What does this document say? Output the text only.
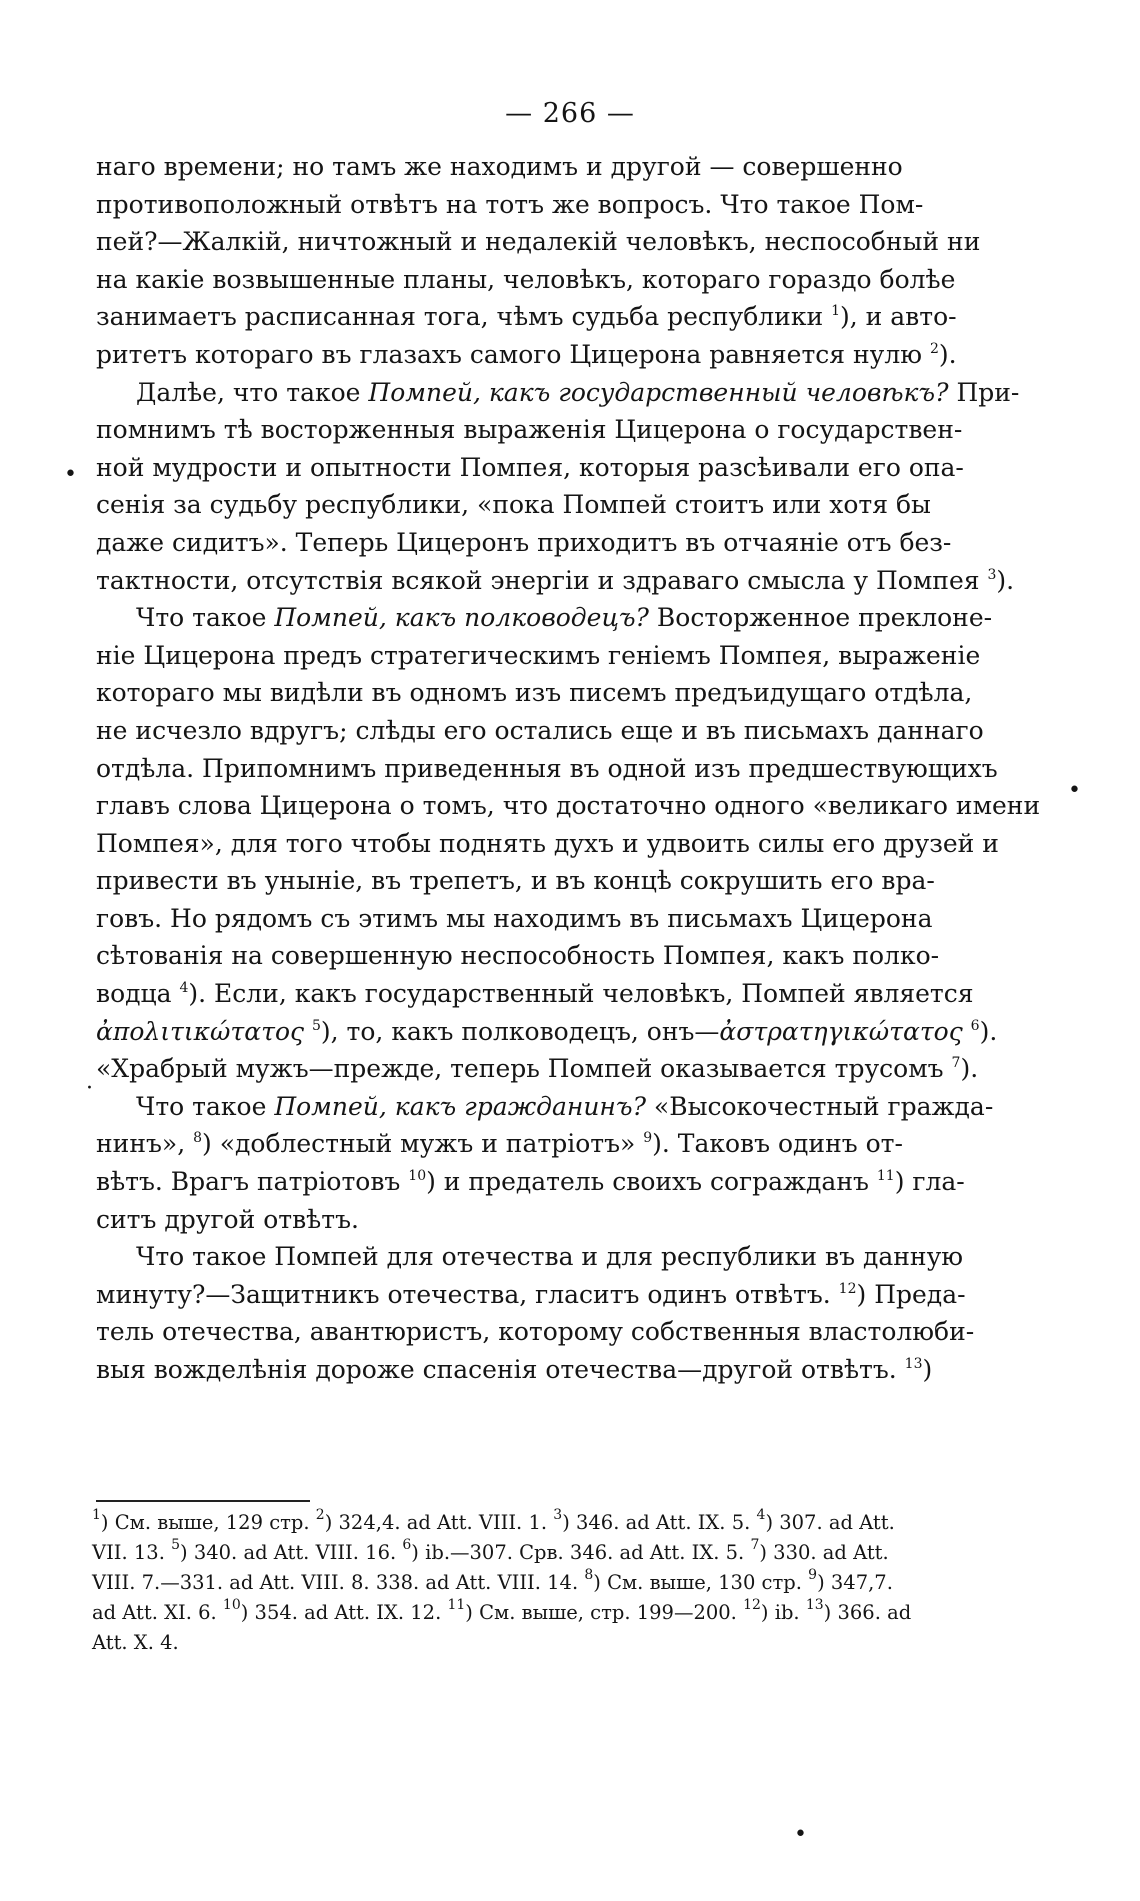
— 266 —
наго времени; но тамъ же находимъ и другой — совершенно
противоположный отвѣтъ на тотъ же вопросъ. Что такое Пом-
пей?—Жалкій, ничтожный и недалекій человѣкъ, неспособный ни
на какіе возвышенные планы, человѣкъ, котораго гораздо болѣе
занимаетъ расписанная тога, чѣмъ судьба республики $^1$), и авто-
ритетъ котораго въ глазахъ самого Цицерона равняется нулю $^2$).
Далѣе, что такое Помпей, какъ государственный человѣкъ? При-
помнимъ тѣ восторженныя выраженія Цицерона о государствен-
ной мудрости и опытности Помпея, которыя разсѣивали его опа-
сенія за судьбу республики, «пока Помпей стоитъ или хотя бы
даже сидитъ». Теперь Цицеронъ приходитъ въ отчаяніе отъ без-
тактности, отсутствія всякой энергіи и здраваго смысла у Помпея $^3$).
Что такое Помпей, какъ полководецъ? Восторженное преклоне-
ніе Цицерона предъ стратегическимъ геніемъ Помпея, выраженіе
котораго мы видѣли въ одномъ изъ писемъ предъидущаго отдѣла,
не исчезло вдругъ; слѣды его остались еще и въ письмахъ даннаго
отдѣла. Припомнимъ приведенныя въ одной изъ предшествующихъ
главъ слова Цицерона о томъ, что достаточно одного «великаго имени
Помпея», для того чтобы поднять духъ и удвоить силы его друзей и
привести въ уныніе, въ трепетъ, и въ концѣ сокрушить его вра-
говъ. Но рядомъ съ этимъ мы находимъ въ письмахъ Цицерона
сѣтованія на совершенную неспособность Помпея, какъ полко-
водца $^4$). Если, какъ государственный человѣкъ, Помпей является
ἀπολιτικώτατος $^5$), то, какъ полководецъ, онъ—ἀστρατηγικώτατος $^6$).
«Храбрый мужъ—прежде, теперь Помпей оказывается трусомъ $^7$).
Что такое Помпей, какъ гражданинъ? «Высокочестный гражда-
нинъ», $^8$) «доблестный мужъ и патріотъ» $^9$). Таковъ одинъ от-
вѣтъ. Врагъ патріотовъ $^{10}$) и предатель своихъ согражданъ $^{11}$) гла-
ситъ другой отвѣтъ.
Что такое Помпей для отечества и для республики въ данную
минуту?—Защитникъ отечества, гласитъ одинъ отвѣтъ. $^{12}$) Преда-
тель отечества, авантюристъ, которому собственныя властолюби-
выя вожделѣнія дороже спасенія отечества—другой отвѣтъ. $^{13}$)
$^1$) См. выше, 129 стр. $^2$) 324,4. ad Att. VIII. 1. $^3$) 346. ad Att. IX. 5. $^4$) 307. ad Att.
VII. 13. $^5$) 340. ad Att. VIII. 16. $^6$) ib.—307. Срв. 346. ad Att. IX. 5. $^7$) 330. ad Att.
VIII. 7.—331. ad Att. VIII. 8. 338. ad Att. VIII. 14. $^8$) См. выше, 130 стр. $^9$) 347,7.
ad Att. XI. 6. $^{10}$) 354. ad Att. IX. 12. $^{11}$) См. выше, стр. 199—200. $^{12}$) ib. $^{13}$) 366. ad
Att. X. 4.
•
•
·
•
